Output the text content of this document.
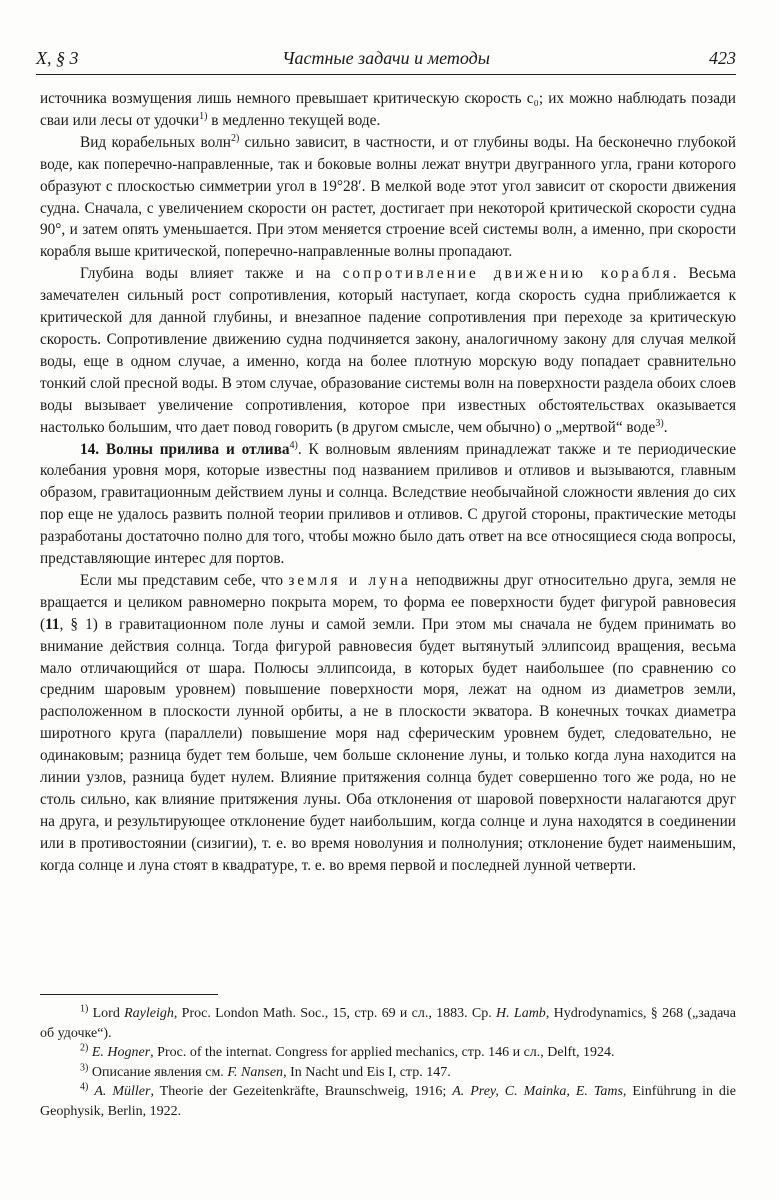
X, § 3	Частные задачи и методы	423

источника возмущения лишь немного превышает критическую скорость c₀; их можно наблюдать позади сваи или лесы от удочки$^{1)}$ в медленно текущей воде.

Вид корабельных волн$^{2)}$ сильно зависит, в частности, и от глубины воды. На бесконечно глубокой воде, как поперечно-направленные, так и боковые волны лежат внутри двугранного угла, грани которого образуют с плоскостью симметрии угол в 19°28′. В мелкой воде этот угол зависит от скорости движения судна. Сначала, с увеличением скорости он растет, достигает при некоторой критической скорости судна 90°, и затем опять уменьшается. При этом меняется строение всей системы волн, а именно, при скорости корабля выше критической, поперечно-направленные волны пропадают.

Глубина воды влияет также и на сопротивление движению корабля. Весьма замечателен сильный рост сопротивления, который наступает, когда скорость судна приближается к критической для данной глубины, и внезапное падение сопротивления при переходе за критическую скорость. Сопротивление движению судна подчиняется закону, аналогичному закону для случая мелкой воды, еще в одном случае, а именно, когда на более плотную морскую воду попадает сравнительно тонкий слой пресной воды. В этом случае, образование системы волн на поверхности раздела обоих слоев воды вызывает увеличение сопротивления, которое при известных обстоятельствах оказывается настолько большим, что дает повод говорить (в другом смысле, чем обычно) о „мертвой“ воде$^{3)}$.

14. Волны прилива и отлива$^{4)}$. К волновым явлениям принадлежат также и те периодические колебания уровня моря, которые известны под названием приливов и отливов и вызываются, главным образом, гравитационным действием луны и солнца. Вследствие необычайной сложности явления до сих пор еще не удалось развить полной теории приливов и отливов. С другой стороны, практические методы разработаны достаточно полно для того, чтобы можно было дать ответ на все относящиеся сюда вопросы, представляющие интерес для портов.

Если мы представим себе, что земля и луна неподвижны друг относительно друга, земля не вращается и целиком равномерно покрыта морем, то форма ее поверхности будет фигурой равновесия (11, § 1) в гравитационном поле луны и самой земли. При этом мы сначала не будем принимать во внимание действия солнца. Тогда фигурой равновесия будет вытянутый эллипсоид вращения, весьма мало отличающийся от шара. Полюсы эллипсоида, в которых будет наибольшее (по сравнению со средним шаровым уровнем) повышение поверхности моря, лежат на одном из диаметров земли, расположенном в плоскости лунной орбиты, а не в плоскости экватора. В конечных точках диаметра широтного круга (параллели) повышение моря над сферическим уровнем будет, следовательно, не одинаковым; разница будет тем больше, чем больше склонение луны, и только когда луна находится на линии узлов, разница будет нулем. Влияние притяжения солнца будет совершенно того же рода, но не столь сильно, как влияние притяжения луны. Оба отклонения от шаровой поверхности налагаются друг на друга, и результирующее отклонение будет наибольшим, когда солнце и луна находятся в соединении или в противостоянии (сизигии), т. е. во время новолуния и полнолуния; отклонение будет наименьшим, когда солнце и луна стоят в квадратуре, т. е. во время первой и последней лунной четверти.

$^{1)}$ Lord Rayleigh, Proc. London Math. Soc., 15, стр. 69 и сл., 1883. Ср. H. Lamb, Hydrodynamics, § 268 („задача об удочке“).

$^{2)}$ E. Hogner, Proc. of the internat. Congress for applied mechanics, стр. 146 и сл., Delft, 1924.

$^{3)}$ Описание явления см. F. Nansen, In Nacht und Eis I, стр. 147.

$^{4)}$ A. Müller, Theorie der Gezeitenkräfte, Braunschweig, 1916; A. Prey, C. Mainka, E. Tams, Einführung in die Geophysik, Berlin, 1922.
